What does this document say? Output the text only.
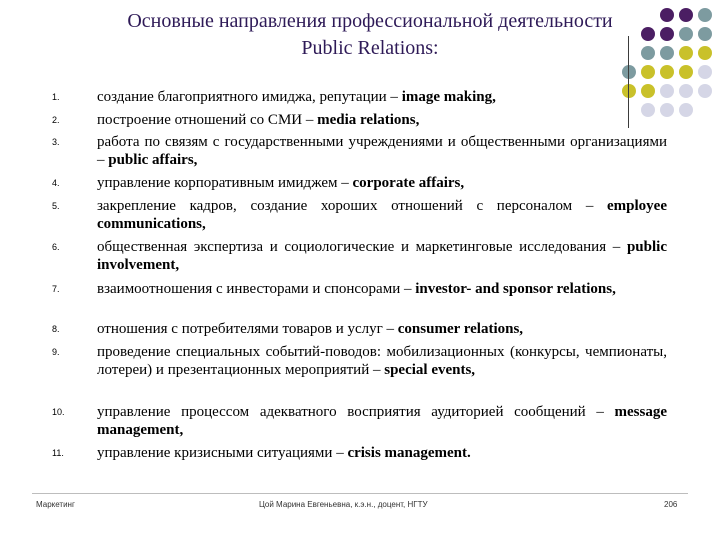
Основные направления профессиональной деятельности Public Relations:
1. создание благоприятного имиджа, репутации – image making,
2. построение отношений со СМИ – media relations,
3. работа по связям с государственными учреждениями и общественными организациями – public affairs,
4. управление корпоративным имиджем – corporate affairs,
5. закрепление кадров, создание хороших отношений с персоналом – employee communications,
6. общественная экспертиза и социологические и маркетинговые исследования – public involvement,
7. взаимоотношения с инвесторами и спонсорами – investor- and sponsor relations,
8. отношения с потребителями товаров и услуг – consumer relations,
9. проведение специальных событий-поводов: мобилизационных (конкурсы, чемпионаты, лотереи) и презентационных мероприятий – special events,
10. управление процессом адекватного восприятия аудиторией сообщений – message management,
11. управление кризисными ситуациями – crisis management.
Маркетинг	Цой Марина Евгеньевна, к.э.н., доцент, НГТУ	206
